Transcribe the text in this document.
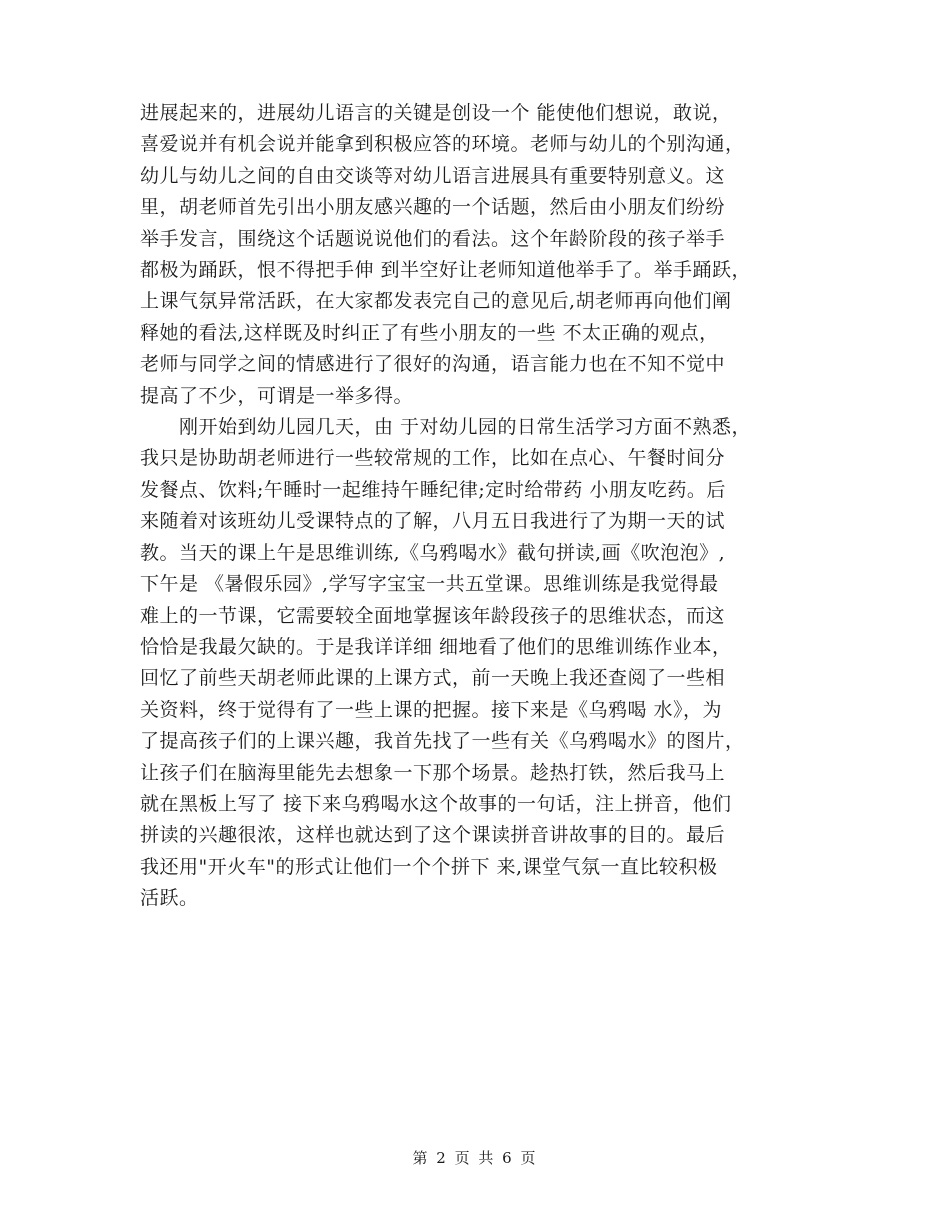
进展起来的，进展幼儿语言的关键是创设一个 能使他们想说，敢说，
喜爱说并有机会说并能拿到积极应答的环境。老师与幼儿的个别沟通，
幼儿与幼儿之间的自由交谈等对幼儿语言进展具有重要特别意义。这
里，胡老师首先引出小朋友感兴趣的一个话题，然后由小朋友们纷纷
举手发言，围绕这个话题说说他们的看法。这个年龄阶段的孩子举手
都极为踊跃，恨不得把手伸 到半空好让老师知道他举手了。举手踊跃，
上课气氛异常活跃，在大家都发表完自己的意见后,胡老师再向他们阐
释她的看法,这样既及时纠正了有些小朋友的一些 不太正确的观点，
老师与同学之间的情感进行了很好的沟通，语言能力也在不知不觉中
提高了不少，可谓是一举多得。
　　刚开始到幼儿园几天，由 于对幼儿园的日常生活学习方面不熟悉，
我只是协助胡老师进行一些较常规的工作，比如在点心、午餐时间分
发餐点、饮料;午睡时一起维持午睡纪律;定时给带药 小朋友吃药。后
来随着对该班幼儿受课特点的了解，八月五日我进行了为期一天的试
教。当天的课上午是思维训练,《乌鸦喝水》截句拼读,画《吹泡泡》,
下午是 《暑假乐园》,学写字宝宝一共五堂课。思维训练是我觉得最
难上的一节课，它需要较全面地掌握该年龄段孩子的思维状态，而这
恰恰是我最欠缺的。于是我详详细 细地看了他们的思维训练作业本，
回忆了前些天胡老师此课的上课方式，前一天晚上我还查阅了一些相
关资料，终于觉得有了一些上课的把握。接下来是《乌鸦喝 水》，为
了提高孩子们的上课兴趣，我首先找了一些有关《乌鸦喝水》的图片，
让孩子们在脑海里能先去想象一下那个场景。趁热打铁，然后我马上
就在黑板上写了 接下来乌鸦喝水这个故事的一句话，注上拼音，他们
拼读的兴趣很浓，这样也就达到了这个课读拼音讲故事的目的。最后
我还用"开火车"的形式让他们一个个拼下 来,课堂气氛一直比较积极
活跃。
第 2 页 共 6 页
